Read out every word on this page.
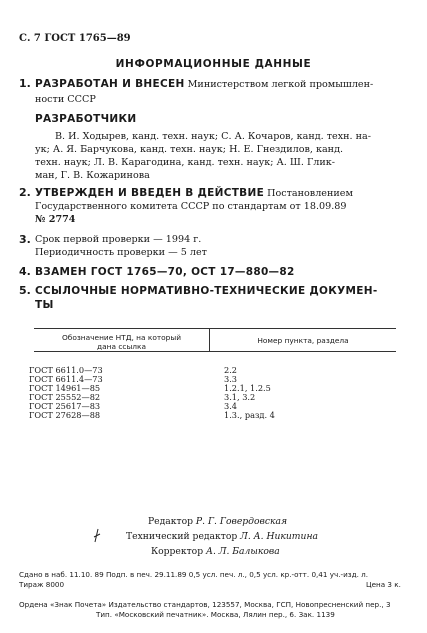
С. 7 ГОСТ 1765—89
ИНФОРМАЦИОННЫЕ ДАННЫЕ
1. РАЗРАБОТАН И ВНЕСЕН Министерством легкой промышлен-
ности СССР
РАЗРАБОТЧИКИ
В. И. Ходырев, канд. техн. наук; С. А. Кочаров, канд. техн. на-
ук; А. Я. Барчукова, канд. техн. наук; Н. Е. Гнездилов, канд.
техн. наук; Л. В. Карагодина, канд. техн. наук; А. Ш. Глик-
ман, Г. В. Кожаринова
2. УТВЕРЖДЕН И ВВЕДЕН В ДЕЙСТВИЕ Постановлением
Государственного комитета СССР по стандартам от 18.09.89
№ 2774
3. Срок первой проверки — 1994 г.
Периодичность проверки — 5 лет
4. ВЗАМЕН ГОСТ 1765—70, ОСТ 17—880—82
5. ССЫЛОЧНЫЕ НОРМАТИВНО-ТЕХНИЧЕСКИЕ ДОКУМЕН-
ТЫ
Обозначение НТД, на который
дана ссылка
Номер пункта, раздела
ГОСТ 6611.0—73	2.2
ГОСТ 6611.4—73	3.3
ГОСТ 14961—85	1.2.1, 1.2.5
ГОСТ 25552—82	3.1, 3.2
ГОСТ 25617—83	3.4
ГОСТ 27628—88	1.3., разд. 4
Редактор Р. Г. Говердовская
Технический редактор Л. А. Никитина
Корректор А. Л. Балыкова
Сдано в наб. 11.10. 89 Подп. в печ. 29.11.89 0,5 усл. печ. л., 0,5 усл. кр.-отт. 0,41 уч.-изд. л.
Тираж 8000	Цена 3 к.
Ордена «Знак Почета» Издательство стандартов, 123557, Москва, ГСП, Новопресненский пер., 3
Тип. «Московский печатник». Москва, Лялин пер., 6. Зак. 1139
